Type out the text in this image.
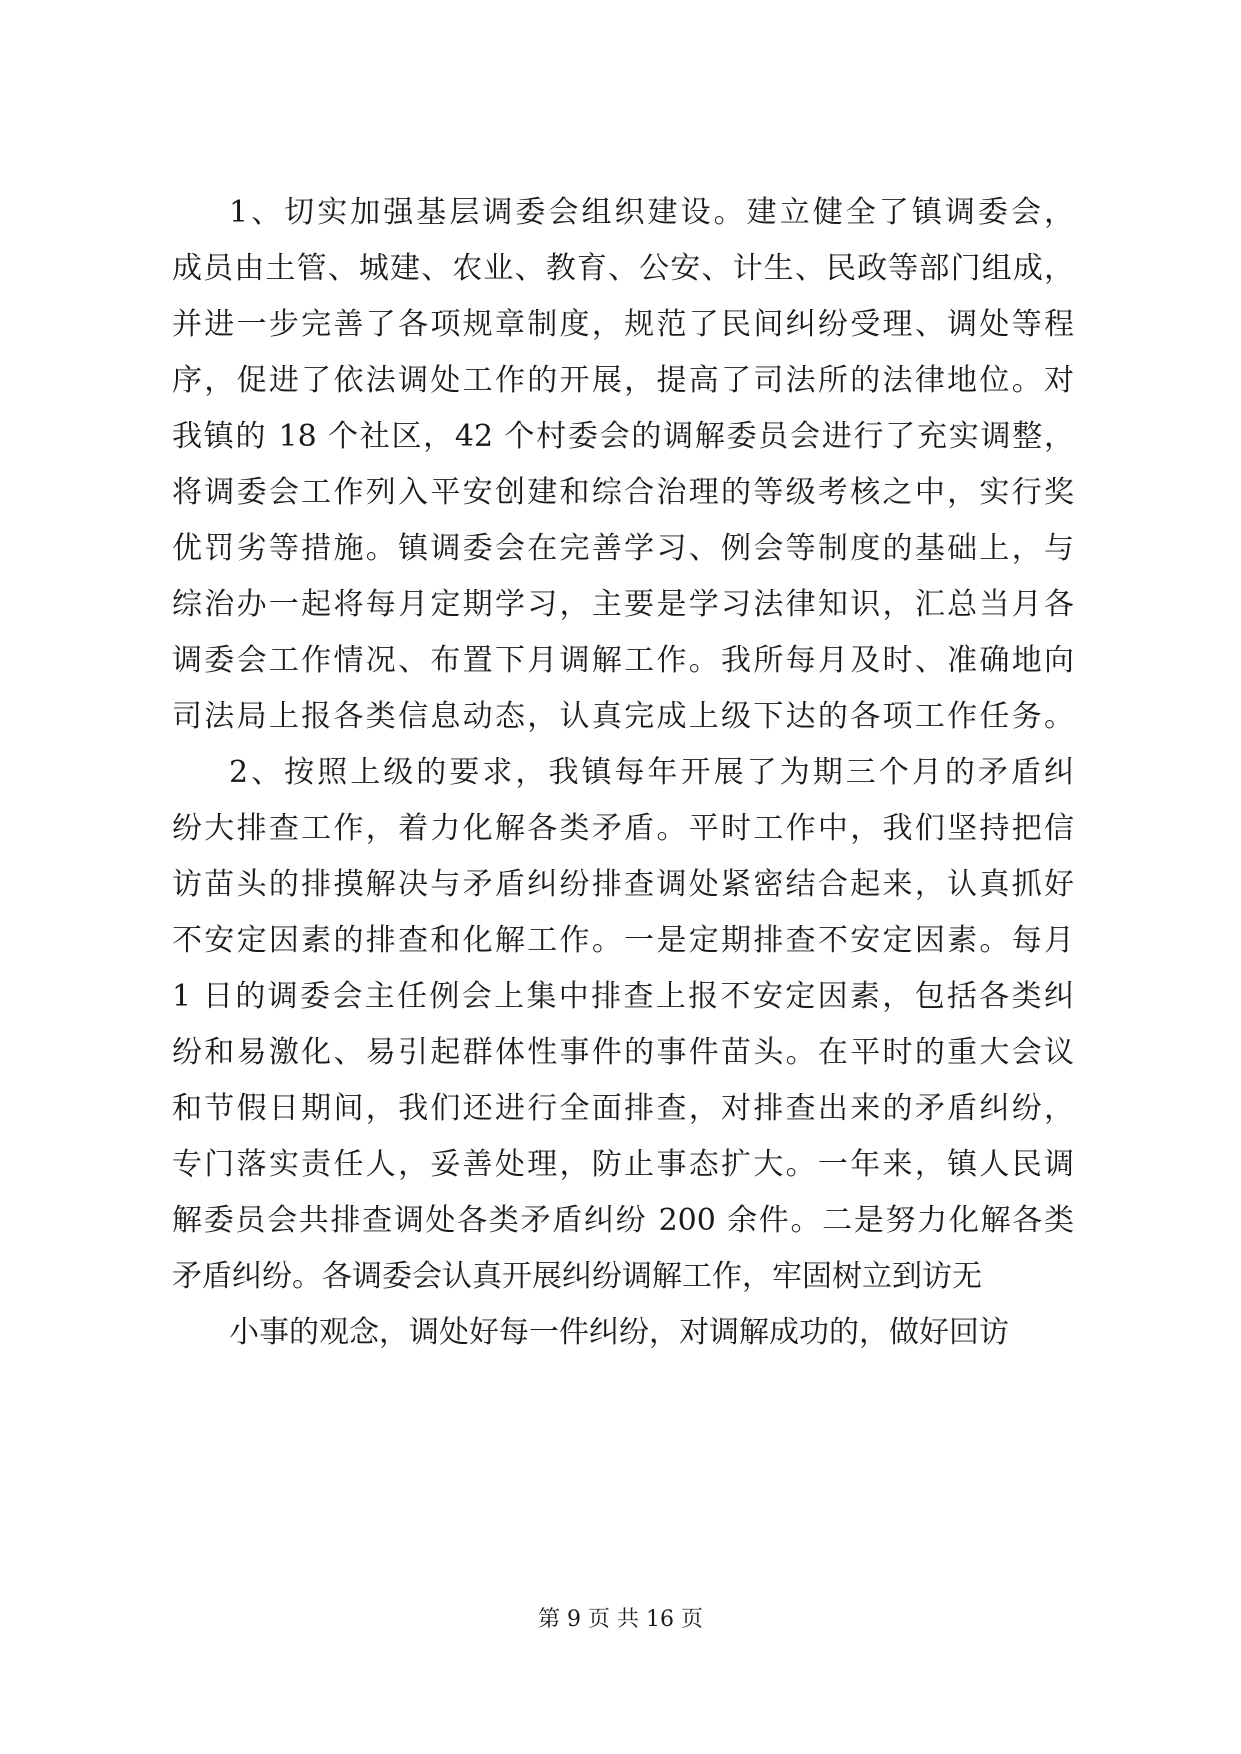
1、切实加强基层调委会组织建设。建立健全了镇调委会，

成员由土管、城建、农业、教育、公安、计生、民政等部门组成，

并进一步完善了各项规章制度，规范了民间纠纷受理、调处等程

序，促进了依法调处工作的开展，提高了司法所的法律地位。对

我镇的 18 个社区，42 个村委会的调解委员会进行了充实调整，

将调委会工作列入平安创建和综合治理的等级考核之中，实行奖

优罚劣等措施。镇调委会在完善学习、例会等制度的基础上，与

综治办一起将每月定期学习，主要是学习法律知识，汇总当月各

调委会工作情况、布置下月调解工作。我所每月及时、准确地向

司法局上报各类信息动态，认真完成上级下达的各项工作任务。

2、按照上级的要求，我镇每年开展了为期三个月的矛盾纠

纷大排查工作，着力化解各类矛盾。平时工作中，我们坚持把信

访苗头的排摸解决与矛盾纠纷排查调处紧密结合起来，认真抓好

不安定因素的排查和化解工作。一是定期排查不安定因素。每月

1 日的调委会主任例会上集中排查上报不安定因素，包括各类纠

纷和易激化、易引起群体性事件的事件苗头。在平时的重大会议

和节假日期间，我们还进行全面排查，对排查出来的矛盾纠纷，

专门落实责任人，妥善处理，防止事态扩大。一年来，镇人民调

解委员会共排查调处各类矛盾纠纷 200 余件。二是努力化解各类

矛盾纠纷。各调委会认真开展纠纷调解工作，牢固树立到访无

小事的观念，调处好每一件纠纷，对调解成功的，做好回访

第 9 页 共 16 页
